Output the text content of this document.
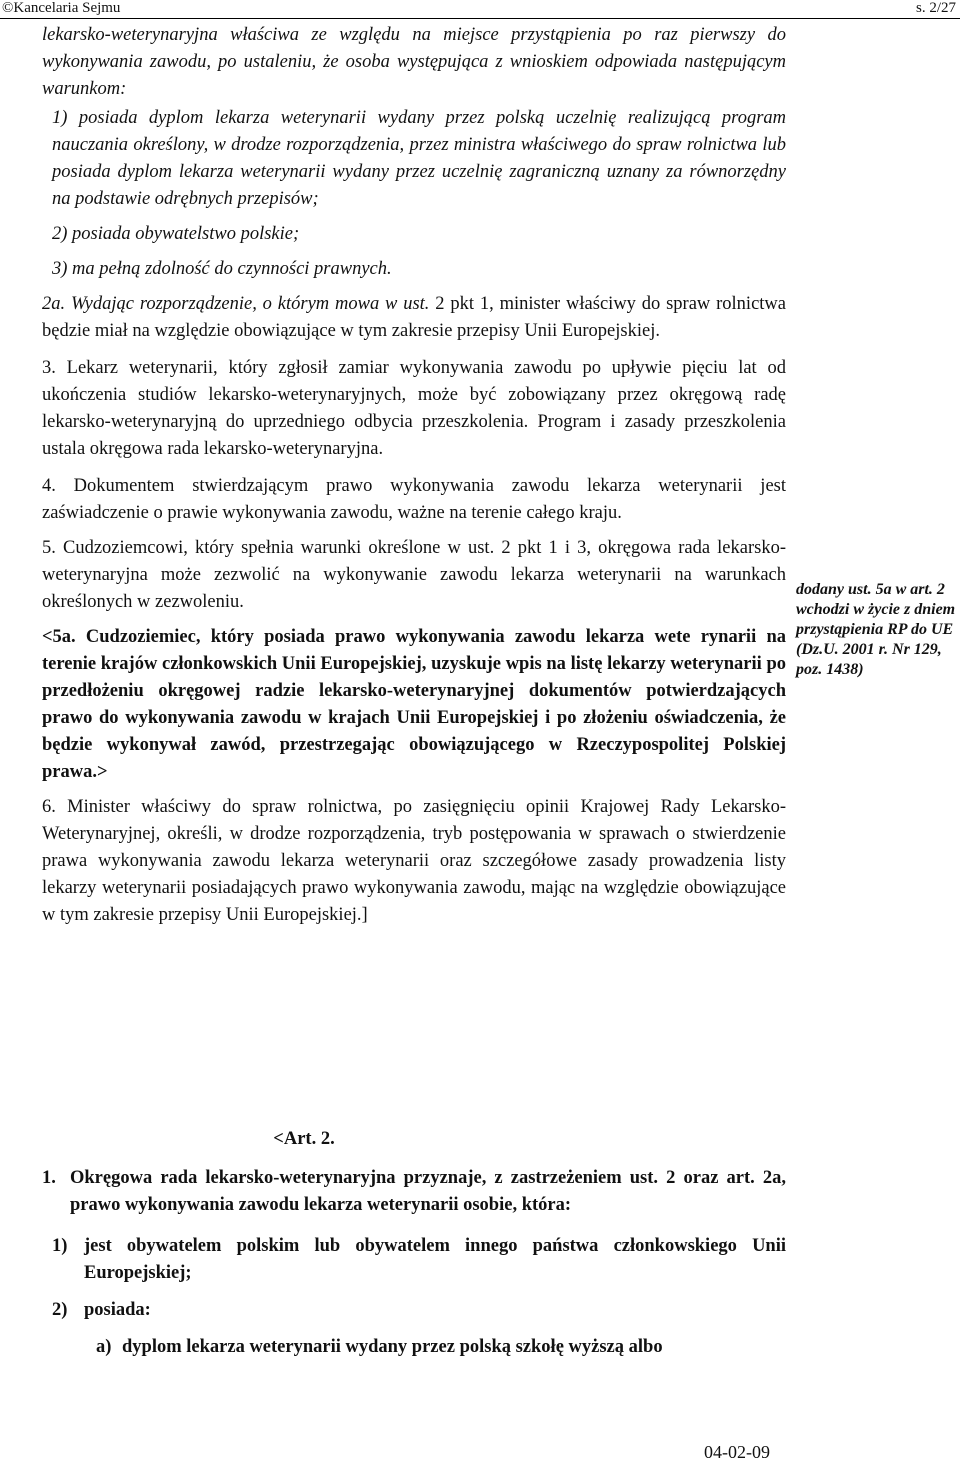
©Kancelaria Sejmu	s. 2/27

lekarsko-weterynaryjna właściwa ze względu na miejsce przystąpienia po raz pierwszy do wykonywania zawodu, po ustaleniu, że osoba występująca z wnioskiem odpowiada następującym warunkom:

1) posiada dyplom lekarza weterynarii wydany przez polską uczelnię realizującą program nauczania określony, w drodze rozporządzenia, przez ministra właściwego do spraw rolnictwa lub posiada dyplom lekarza weterynarii wydany przez uczelnię zagraniczną uznany za równorzędny na podstawie odrębnych przepisów;

2) posiada obywatelstwo polskie;

3) ma pełną zdolność do czynności prawnych.

2a. Wydając rozporządzenie, o którym mowa w ust. 2 pkt 1, minister właściwy do spraw rolnictwa będzie miał na względzie obowiązujące w tym zakresie przepisy Unii Europejskiej.

3. Lekarz weterynarii, który zgłosił zamiar wykonywania zawodu po upływie pięciu lat od ukończenia studiów lekarsko-weterynaryjnych, może być zobowiązany przez okręgową radę lekarsko-weterynaryjną do uprzedniego odbycia przeszkolenia. Program i zasady przeszkolenia ustala okręgowa rada lekarsko-weterynaryjna.

4. Dokumentem stwierdzającym prawo wykonywania zawodu lekarza weterynarii jest zaświadczenie o prawie wykonywania zawodu, ważne na terenie całego kraju.

5. Cudzoziemcowi, który spełnia warunki określone w ust. 2 pkt 1 i 3, okręgowa rada lekarsko-weterynaryjna może zezwolić na wykonywanie zawodu lekarza weterynarii na warunkach określonych w zezwoleniu.

<5a. Cudzoziemiec, który posiada prawo wykonywania zawodu lekarza wete rynarii na terenie krajów członkowskich Unii Europejskiej, uzyskuje wpis na listę lekarzy weterynarii po przedłożeniu okręgowej radzie lekarsko-weterynaryjnej dokumentów potwierdzających prawo do wykonywania zawodu w krajach Unii Europejskiej i po złożeniu oświadczenia, że będzie wykonywał zawód, przestrzegając obowiązującego w Rzeczypospolitej Polskiej prawa.>

6. Minister właściwy do spraw rolnictwa, po zasięgnięciu opinii Krajowej Rady Lekarsko-Weterynaryjnej, określi, w drodze rozporządzenia, tryb postępowania w sprawach o stwierdzenie prawa wykonywania zawodu lekarza weterynarii oraz szczegółowe zasady prowadzenia listy lekarzy weterynarii posiadających prawo wykonywania zawodu, mając na względzie obowiązujące w tym zakresie przepisy Unii Europejskiej.]

dodany ust. 5a w art. 2 wchodzi w życie z dniem przystąpienia RP do UE (Dz.U. 2001 r. Nr 129, poz. 1438)
<Art. 2.
1. Okręgowa rada lekarsko-weterynaryjna przyznaje, z zastrzeżeniem ust. 2 oraz art. 2a, prawo wykonywania zawodu lekarza weterynarii osobie, która:
1) jest obywatelem polskim lub obywatelem innego państwa członkowskiego Unii Europejskiej;
2) posiada:
a) dyplom lekarza weterynarii wydany przez polską szkołę wyższą albo
04-02-09
